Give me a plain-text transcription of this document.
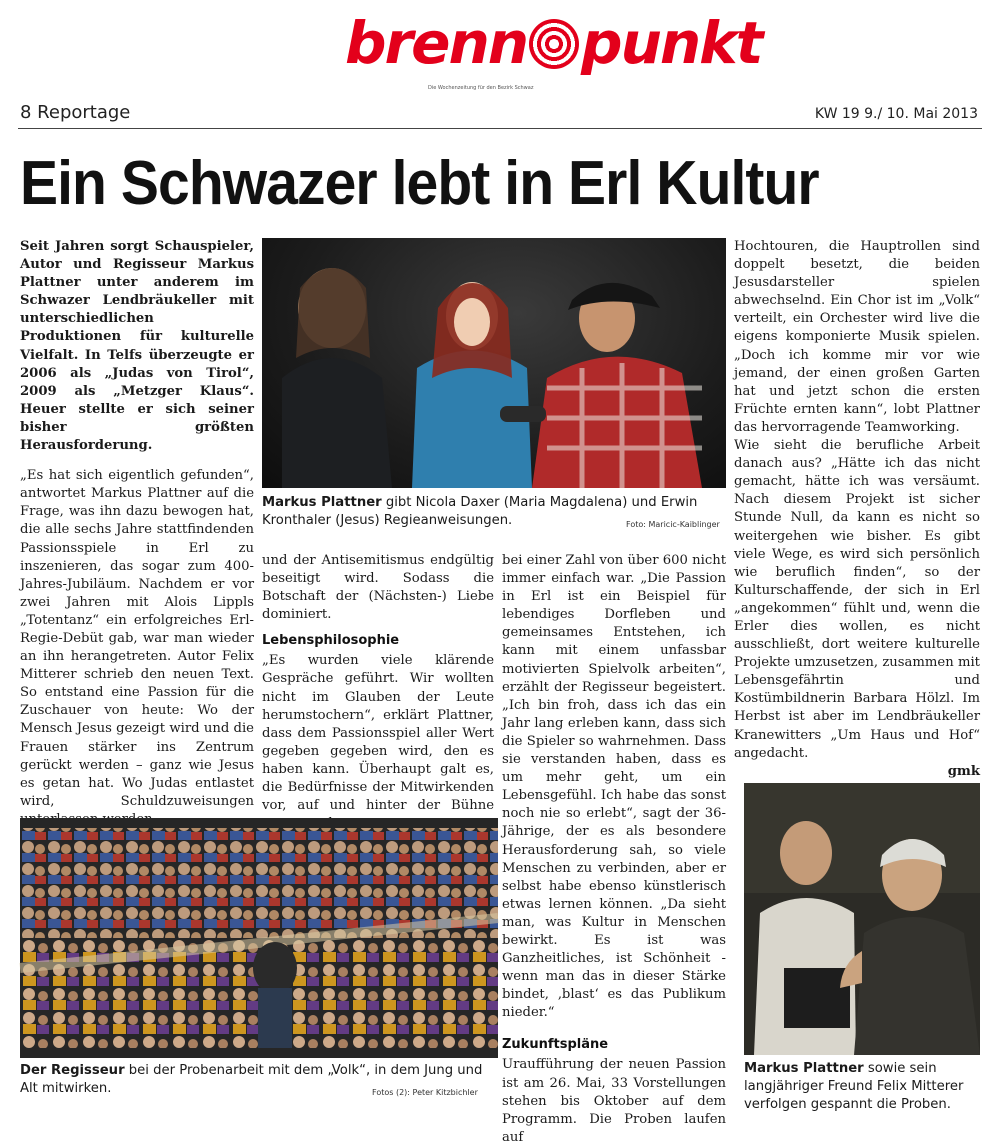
brenn punkt
Die Wochenzeitung für den Bezirk Schwaz
8 Reportage	KW 19 9./ 10. Mai 2013
Ein Schwazer lebt in Erl Kultur

Seit Jahren sorgt Schauspieler, Autor und Regisseur Markus Plattner unter anderem im Schwazer Lendbräukeller mit unterschiedlichen Produktionen für kulturelle Vielfalt. In Telfs überzeugte er 2006 als „Judas von Tirol“, 2009 als „Metzger Klaus“. Heuer stellte er sich seiner bisher größten Herausforderung.

„Es hat sich eigentlich gefunden“, antwortet Markus Plattner auf die Frage, was ihn dazu bewogen hat, die alle sechs Jahre stattfindenden Passionsspiele in Erl zu inszenieren, das sogar zum 400-Jahres-Jubiläum. Nachdem er vor zwei Jahren mit Alois Lippls „Totentanz“ ein erfolgreiches Erl-Regie-Debüt gab, war man wieder an ihn herangetreten. Autor Felix Mitterer schrieb den neuen Text. So entstand eine Passion für die Zuschauer von heute: Wo der Mensch Jesus gezeigt wird und die Frauen stärker ins Zentrum gerückt werden – ganz wie Jesus es getan hat. Wo Judas entlastet wird, Schuldzuweisungen

Markus Plattner gibt Nicola Daxer (Maria Magdalena) und Erwin Kronthaler (Jesus) Regieanweisungen.	Foto: Maricic-Kaiblinger

und der Antisemitismus endgültig beseitigt wird. Sodass die Botschaft der (Nächsten-) Liebe dominiert.

Lebensphilosophie

„Es wurden viele klärende Gespräche geführt. Wir wollten nicht im Glauben der Leute herumstochern“, erklärt Plattner, dass dem Passionsspiel aller Wert gegeben gegeben wird, den es haben kann. Überhaupt galt es, die Bedürfnisse der Mitwirkenden vor, auf und hinter der Bühne

bei einer Zahl von über 600 nicht immer einfach war. „Die Passion in Erl ist ein Beispiel für lebendiges Dorfleben und gemeinsames Entstehen, ich kann mit einem unfassbar motivierten Spielvolk arbeiten“, erzählt der Regisseur begeistert. „Ich bin froh, dass ich das ein Jahr lang erleben kann, dass sich die Spieler so wahrnehmen. Dass sie verstanden haben, dass es um mehr geht, um ein Lebensgefühl. Ich habe das sonst noch nie so erlebt“, sagt der 36-Jährige, der es als besondere Herausforderung sah, so viele Menschen zu verbinden, aber er selbst habe ebenso künstlerisch etwas lernen können. „Da sieht man, was Kultur in Menschen bewirkt. Es ist was Ganzheitliches, ist Schönheit - wenn man das in dieser Stärke bindet, ‚blast‘ es das Publikum nieder.“

Zukunftspläne

Uraufführung der neuen Passion ist am 26. Mai, 33 Vorstellungen stehen bis Oktober auf dem Programm. Die Proben laufen auf

Hochtouren, die Hauptrollen sind doppelt besetzt, die beiden Jesusdarsteller spielen abwechselnd. Ein Chor ist im „Volk“ verteilt, ein Orchester wird live die eigens komponierte Musik spielen. „Doch ich komme mir vor wie jemand, der einen großen Garten hat und jetzt schon die ersten Früchte ernten kann“, lobt Plattner das hervorragende Teamworking.

Wie sieht die berufliche Arbeit danach aus? „Hätte ich das nicht gemacht, hätte ich was versäumt. Nach diesem Projekt ist sicher Stunde Null, da kann es nicht so weitergehen wie bisher. Es gibt viele Wege, es wird sich persönlich wie beruflich finden“, so der Kulturschaffende, der sich in Erl „angekommen“ fühlt und, wenn die Erler dies wollen, es nicht ausschließt, dort weitere kulturelle Projekte umzusetzen, zusammen mit Lebensgefährtin und Kostümbildnerin Barbara Hölzl. Im Herbst ist aber im Lendbräukeller Kranewitters „Um Haus und Hof“ angedacht.

gmk

Der Regisseur bei der Probenarbeit mit dem „Volk“, in dem Jung und Alt mitwirken.	Fotos (2): Peter Kitzbichler
Markus Plattner sowie sein langjähriger Freund Felix Mitterer verfolgen gespannt die Proben.
